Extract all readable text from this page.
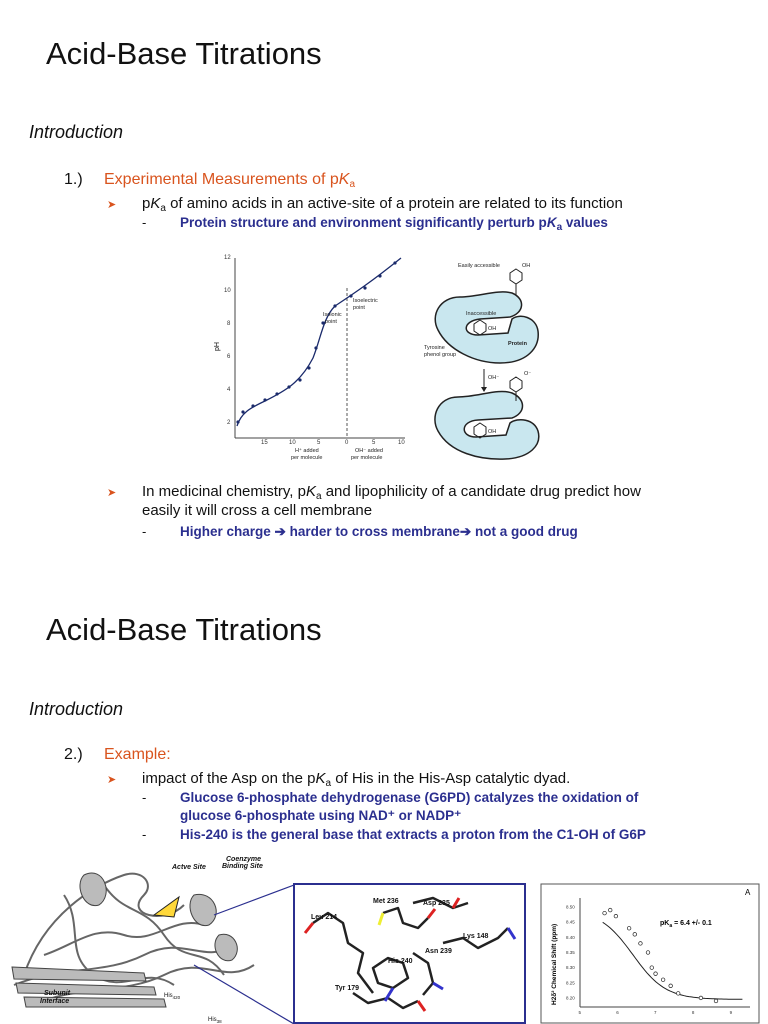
Acid-Base Titrations
Introduction
1.) Experimental Measurements of $pK_a$
➤ $pK_a$ of amino acids in an active-site of a protein are related to its function
- Protein structure and environment significantly perturb $pK_a$ values
pH
2
4
6
8
10
12
15	10	5	0	5	10
Isoelectric
point
Isoionic
point
H⁺ added
per molecule
OH⁻ added
per molecule
Easily accessible	OH
Inaccessible
OH
Protein
Tyrosine
phenol group
OH⁻
O⁻
OH
➤ In medicinal chemistry, $pK_a$ and lipophilicity of a candidate drug predict how
easily it will cross a cell membrane
- Higher charge ➔ harder to cross membrane➔ not a good drug
Acid-Base Titrations
Introduction
2.) Example:
➤ impact of the Asp on the $pK_a$ of His in the His-Asp catalytic dyad.
- Glucose 6-phosphate dehydrogenase (G6PD) catalyzes the oxidation of
glucose 6-phosphate using NAD⁺ or NADP⁺
- His-240 is the general base that extracts a proton from the C1-OH of G6P
Actve Site
Coenzyme
Binding Site
Subunit
Interface
His$_{420}$
His$_{38}$
Met 236	Asp 235
Leu 214
Lys 148
His 240
Asn 239
Tyr 179
A
H2δ² Chemical Shift (ppm)
8.50
8.45
8.40
8.35
8.30
8.25
8.20
5	6	7	8	9
$pK_a = 6.4$ +/- 0.1
